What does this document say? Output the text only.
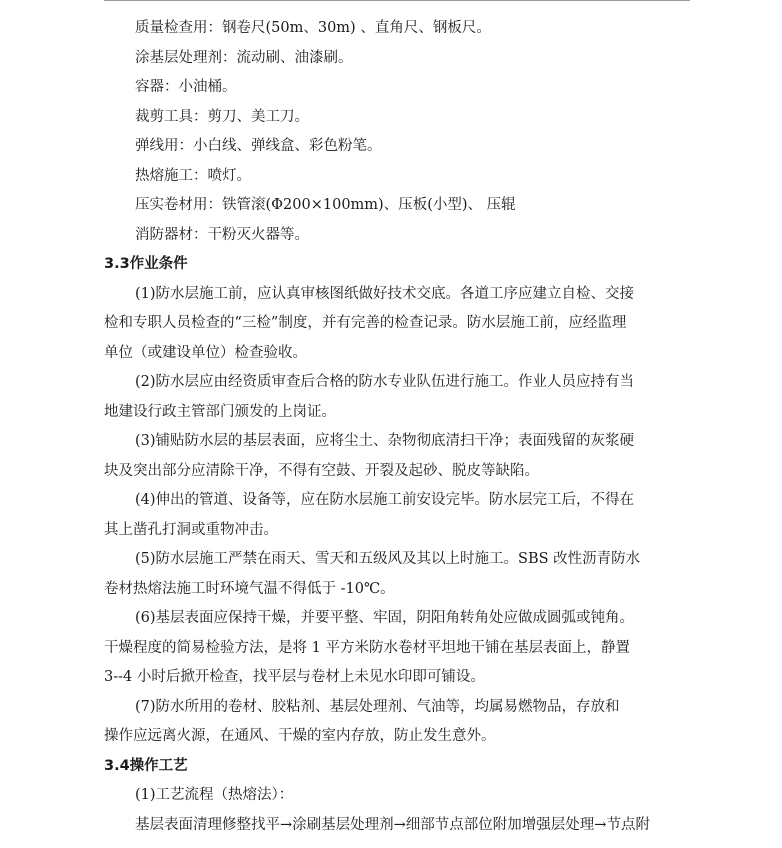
质量检查用：钢卷尺(50m、30m) 、直角尺、钢板尺。
涂基层处理剂：流动刷、油漆刷。
容器：小油桶。
裁剪工具：剪刀、美工刀。
弹线用：小白线、弹线盒、彩色粉笔。
热熔施工：喷灯。
压实卷材用：铁管滚(Φ200×100mm)、压板(小型)、 压辊
消防器材：干粉灭火器等。
3.3作业条件
(1)防水层施工前，应认真审核图纸做好技术交底。各道工序应建立自检、交接
检和专职人员检查的“三检”制度，并有完善的检查记录。防水层施工前，应经监理
单位（或建设单位）检查验收。
(2)防水层应由经资质审查后合格的防水专业队伍进行施工。作业人员应持有当
地建设行政主管部门颁发的上岗证。
(3)铺贴防水层的基层表面，应将尘土、杂物彻底清扫干净；表面残留的灰浆硬
块及突出部分应清除干净，不得有空鼓、开裂及起砂、脱皮等缺陷。
(4)伸出的管道、设备等，应在防水层施工前安设完毕。防水层完工后，不得在
其上凿孔打洞或重物冲击。
(5)防水层施工严禁在雨天、雪天和五级风及其以上时施工。SBS 改性沥青防水
卷材热熔法施工时环境气温不得低于 -10℃。
(6)基层表面应保持干燥，并要平整、牢固，阴阳角转角处应做成圆弧或钝角。
干燥程度的简易检验方法，是将 1 平方米防水卷材平坦地干铺在基层表面上，静置
3--4 小时后掀开检查，找平层与卷材上未见水印即可铺设。
(7)防水所用的卷材、胶粘剂、基层处理剂、气油等，均属易燃物品，存放和
操作应远离火源，在通风、干燥的室内存放，防止发生意外。
3.4操作工艺
(1)工艺流程（热熔法）：
基层表面清理修整找平→涂刷基层处理剂→细部节点部位附加增强层处理→节点附
